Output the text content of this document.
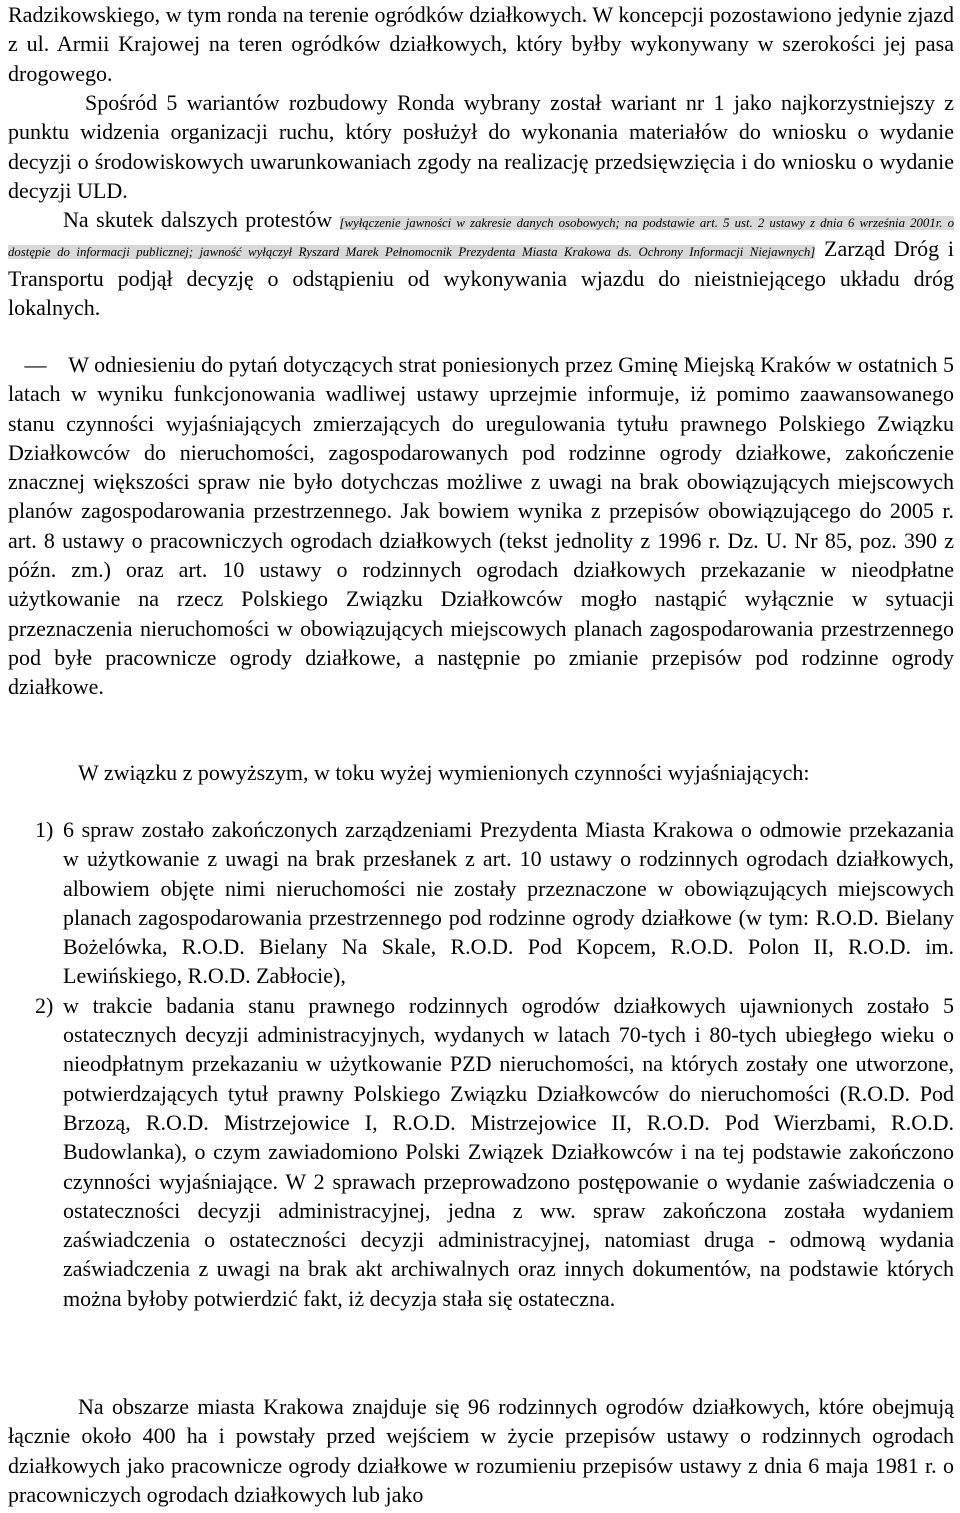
Radzikowskiego, w tym ronda na terenie ogródków działkowych. W koncepcji pozostawiono jedynie zjazd z ul. Armii Krajowej na teren ogródków działkowych, który byłby wykonywany w szerokości jej pasa drogowego.

Spośród 5 wariantów rozbudowy Ronda wybrany został wariant nr 1 jako najkorzystniejszy z punktu widzenia organizacji ruchu, który posłużył do wykonania materiałów do wniosku o wydanie decyzji o środowiskowych uwarunkowaniach zgody na realizację przedsięwzięcia i do wniosku o wydanie decyzji ULD.

Na skutek dalszych protestów [wyłączenie jawności w zakresie danych osobowych; na podstawie art. 5 ust. 2 ustawy z dnia 6 września 2001r. o dostępie do informacji publicznej; jawność wyłączył Ryszard Marek Pełnomocnik Prezydenta Miasta Krakowa ds. Ochrony Informacji Niejawnych] Zarząd Dróg i Transportu podjął decyzję o odstąpieniu od wykonywania wjazdu do nieistniejącego układu dróg lokalnych.

— W odniesieniu do pytań dotyczących strat poniesionych przez Gminę Miejską Kraków w ostatnich 5 latach w wyniku funkcjonowania wadliwej ustawy uprzejmie informuje, iż pomimo zaawansowanego stanu czynności wyjaśniających zmierzających do uregulowania tytułu prawnego Polskiego Związku Działkowców do nieruchomości, zagospodarowanych pod rodzinne ogrody działkowe, zakończenie znacznej większości spraw nie było dotychczas możliwe z uwagi na brak obowiązujących miejscowych planów zagospodarowania przestrzennego. Jak bowiem wynika z przepisów obowiązującego do 2005 r. art. 8 ustawy o pracowniczych ogrodach działkowych (tekst jednolity z 1996 r. Dz. U. Nr 85, poz. 390 z późn. zm.) oraz art. 10 ustawy o rodzinnych ogrodach działkowych przekazanie w nieodpłatne użytkowanie na rzecz Polskiego Związku Działkowców mogło nastąpić wyłącznie w sytuacji przeznaczenia nieruchomości w obowiązujących miejscowych planach zagospodarowania przestrzennego pod byłe pracownicze ogrody działkowe, a następnie po zmianie przepisów pod rodzinne ogrody działkowe.

W związku z powyższym, w toku wyżej wymienionych czynności wyjaśniających:

1) 6 spraw zostało zakończonych zarządzeniami Prezydenta Miasta Krakowa o odmowie przekazania w użytkowanie z uwagi na brak przesłanek z art. 10 ustawy o rodzinnych ogrodach działkowych, albowiem objęte nimi nieruchomości nie zostały przeznaczone w obowiązujących miejscowych planach zagospodarowania przestrzennego pod rodzinne ogrody działkowe (w tym: R.O.D. Bielany Bożelówka, R.O.D. Bielany Na Skale, R.O.D. Pod Kopcem, R.O.D. Polon II, R.O.D. im. Lewińskiego, R.O.D. Zabłocie),
2) w trakcie badania stanu prawnego rodzinnych ogrodów działkowych ujawnionych zostało 5 ostatecznych decyzji administracyjnych, wydanych w latach 70-tych i 80-tych ubiegłego wieku o nieodpłatnym przekazaniu w użytkowanie PZD nieruchomości, na których zostały one utworzone, potwierdzających tytuł prawny Polskiego Związku Działkowców do nieruchomości (R.O.D. Pod Brzozą, R.O.D. Mistrzejowice I, R.O.D. Mistrzejowice II, R.O.D. Pod Wierzbami, R.O.D. Budowlanka), o czym zawiadomiono Polski Związek Działkowców i na tej podstawie zakończono czynności wyjaśniające. W 2 sprawach przeprowadzono postępowanie o wydanie zaświadczenia o ostateczności decyzji administracyjnej, jedna z ww. spraw zakończona została wydaniem zaświadczenia o ostateczności decyzji administracyjnej, natomiast druga - odmową wydania zaświadczenia z uwagi na brak akt archiwalnych oraz innych dokumentów, na podstawie których można byłoby potwierdzić fakt, iż decyzja stała się ostateczna.

Na obszarze miasta Krakowa znajduje się 96 rodzinnych ogrodów działkowych, które obejmują łącznie około 400 ha i powstały przed wejściem w życie przepisów ustawy o rodzinnych ogrodach działkowych jako pracownicze ogrody działkowe w rozumieniu przepisów ustawy z dnia 6 maja 1981 r. o pracowniczych ogrodach działkowych lub jako
